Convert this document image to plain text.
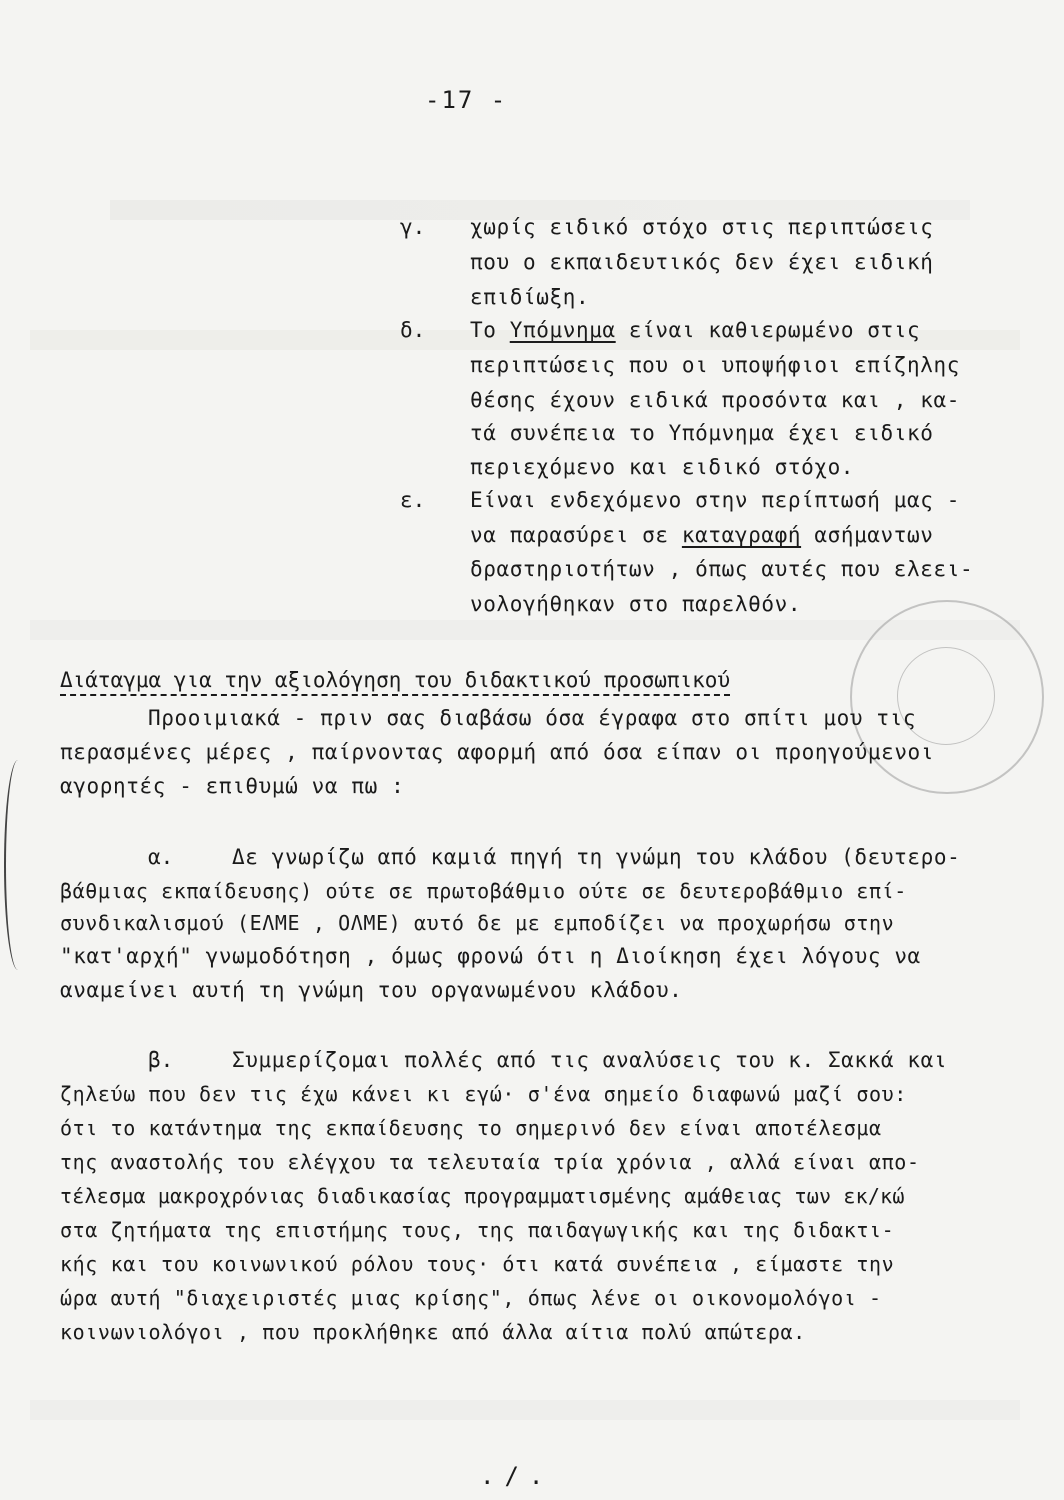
-17 -
γ. χωρίς ειδικό στόχο στις περιπτώσεις
που ο εκπαιδευτικός δεν έχει ειδική
επιδίωξη.
δ. Το Υπόμνημα είναι καθιερωμένο στις
περιπτώσεις που οι υποψήφιοι επίζηλης
θέσης έχουν ειδικά προσόντα και , κα-
τά συνέπεια το Υπόμνημα έχει ειδικό
περιεχόμενο και ειδικό στόχο.
ε. Είναι ενδεχόμενο στην περίπτωσή μας -
να παρασύρει σε καταγραφή ασήμαντων
δραστηριοτήτων , όπως αυτές που ελεει-
νολογήθηκαν στο παρελθόν.
Διάταγμα για την αξιολόγηση του διδακτικού προσωπικού
Προοιμιακά - πριν σας διαβάσω όσα έγραφα στο σπίτι μου τις
περασμένες μέρες , παίρνοντας αφορμή από όσα είπαν οι προηγούμενοι
αγορητές - επιθυμώ να πω :
α.	Δε γνωρίζω από καμιά πηγή τη γνώμη του κλάδου (δευτερο-
βάθμιας εκπαίδευσης) ούτε σε πρωτοβάθμιο ούτε σε δευτεροβάθμιο επί-
συνδικαλισμού (ΕΛΜΕ , ΟΛΜΕ) αυτό δε με εμποδίζει να προχωρήσω στην
"κατ'αρχή" γνωμοδότηση , όμως φρονώ ότι η Διοίκηση έχει λόγους να
αναμείνει αυτή τη γνώμη του οργανωμένου κλάδου.
β.	Συμμερίζομαι πολλές από τις αναλύσεις του κ. Σακκά και
ζηλεύω που δεν τις έχω κάνει κι εγώ· σ'ένα σημείο διαφωνώ μαζί σου:
ότι το κατάντημα της εκπαίδευσης το σημερινό δεν είναι αποτέλεσμα
της αναστολής του ελέγχου τα τελευταία τρία χρόνια , αλλά είναι απο-
τέλεσμα μακροχρόνιας διαδικασίας προγραμματισμένης αμάθειας των εκ/κώ
στα ζητήματα της επιστήμης τους, της παιδαγωγικής και της διδακτι-
κής και του κοινωνικού ρόλου τους· ότι κατά συνέπεια , είμαστε την
ώρα αυτή "διαχειριστές μιας κρίσης", όπως λένε οι οικονομολόγοι -
κοινωνιολόγοι , που προκλήθηκε από άλλα αίτια πολύ απώτερα.
./.
